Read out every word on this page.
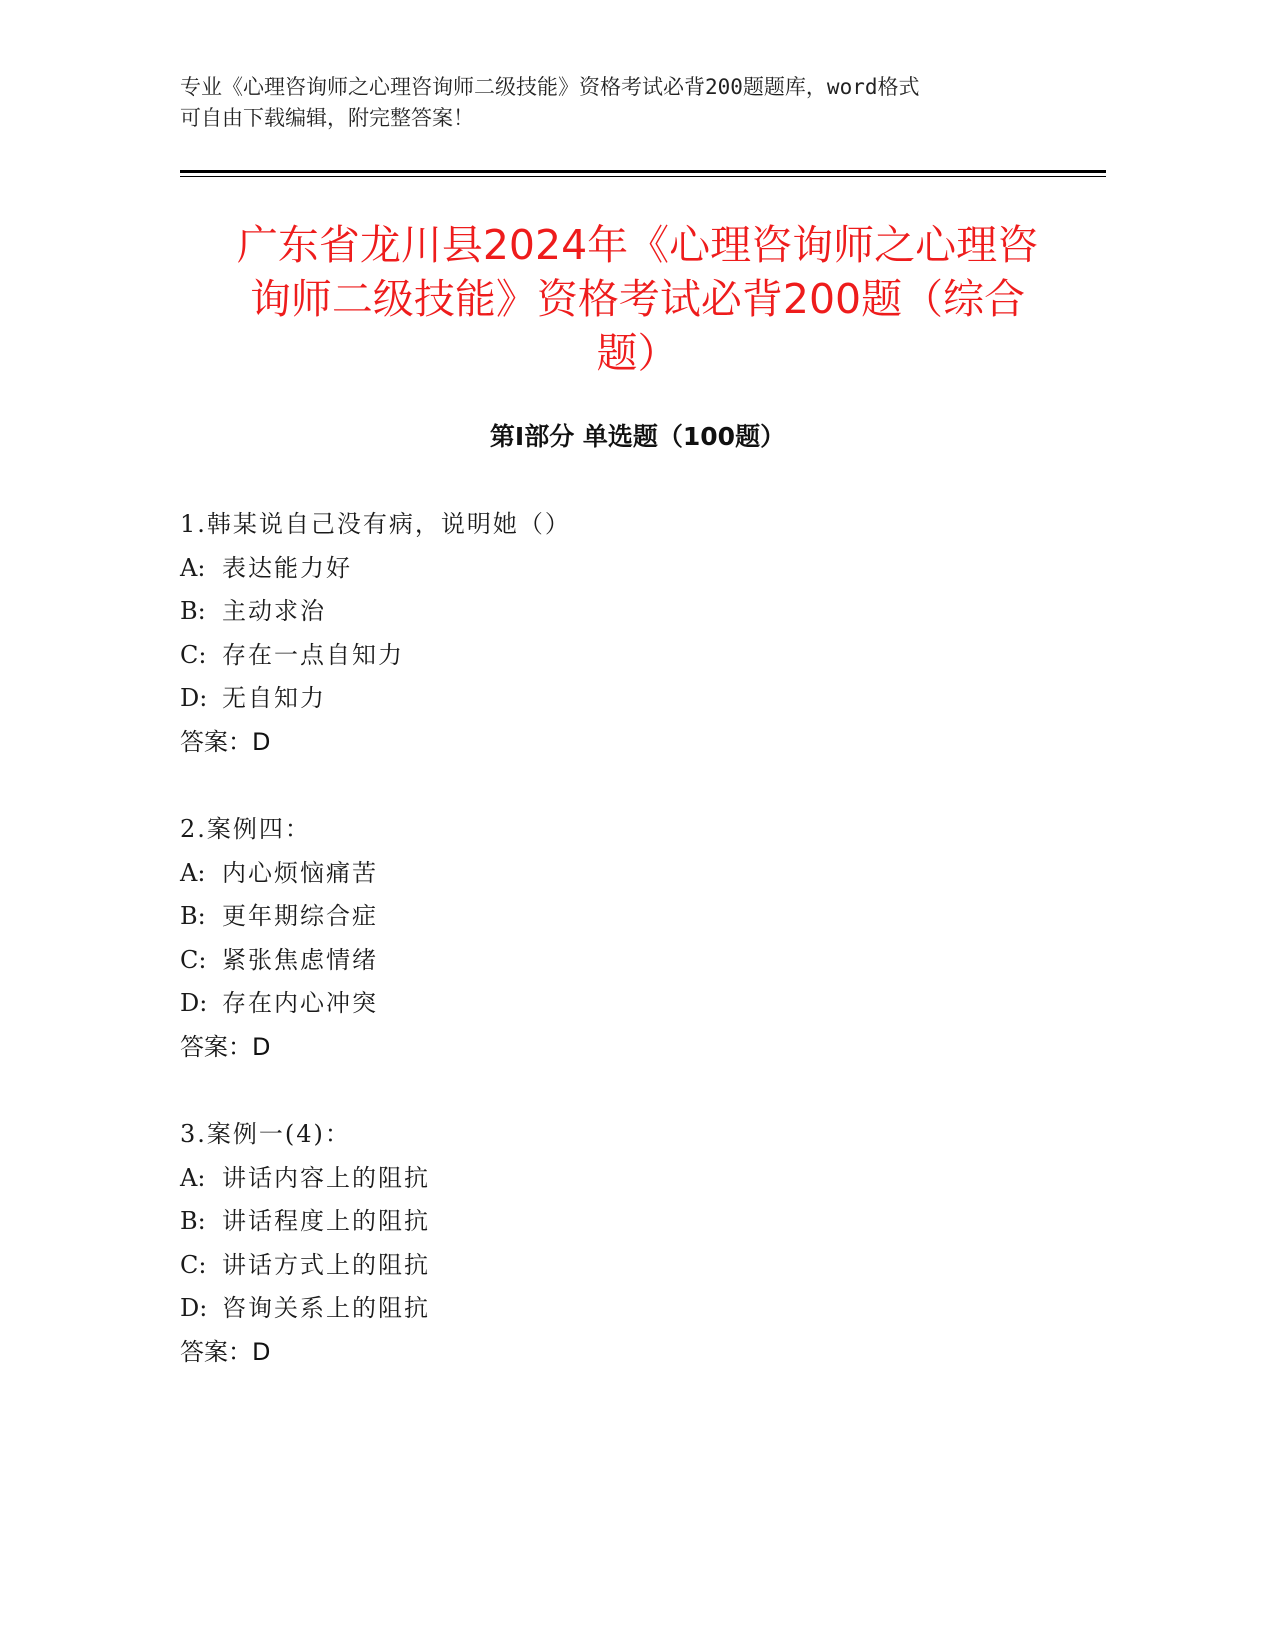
专业《心理咨询师之心理咨询师二级技能》资格考试必背200题题库，word格式
可自由下载编辑，附完整答案！
广东省龙川县2024年《心理咨询师之心理咨
询师二级技能》资格考试必背200题（综合
题）
第Ⅰ部分 单选题（100题）
1.韩某说自己没有病，说明她（）
A: 表达能力好
B: 主动求治
C: 存在一点自知力
D: 无自知力
答案：D
2.案例四：
A: 内心烦恼痛苦
B: 更年期综合症
C: 紧张焦虑情绪
D: 存在内心冲突
答案：D
3.案例一(4)：
A: 讲话内容上的阻抗
B: 讲话程度上的阻抗
C: 讲话方式上的阻抗
D: 咨询关系上的阻抗
答案：D
